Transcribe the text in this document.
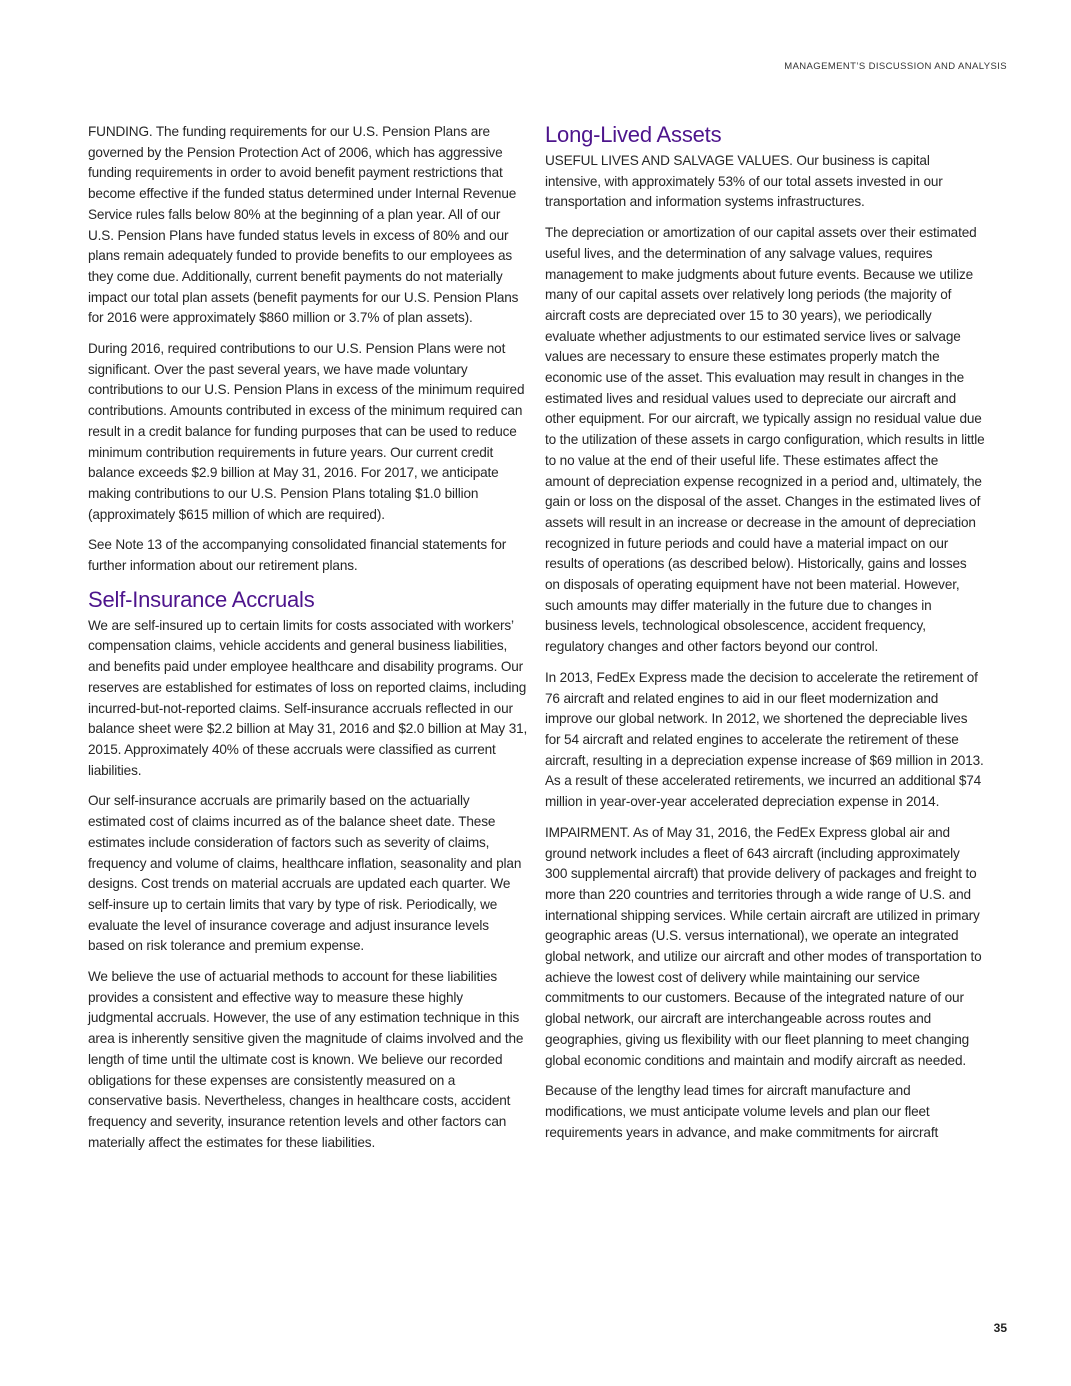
MANAGEMENT’S DISCUSSION AND ANALYSIS

FUNDING. The funding requirements for our U.S. Pension Plans are governed by the Pension Protection Act of 2006, which has aggressive funding requirements in order to avoid benefit payment restrictions that become effective if the funded status determined under Internal Revenue Service rules falls below 80% at the beginning of a plan year. All of our U.S. Pension Plans have funded status levels in excess of 80% and our plans remain adequately funded to provide benefits to our employees as they come due. Additionally, current benefit payments do not materially impact our total plan assets (benefit payments for our U.S. Pension Plans for 2016 were approximately $860 million or 3.7% of plan assets).

During 2016, required contributions to our U.S. Pension Plans were not significant. Over the past several years, we have made voluntary contributions to our U.S. Pension Plans in excess of the minimum required contributions. Amounts contributed in excess of the minimum required can result in a credit balance for funding purposes that can be used to reduce minimum contribution requirements in future years. Our current credit balance exceeds $2.9 billion at May 31, 2016. For 2017, we anticipate making contributions to our U.S. Pension Plans totaling $1.0 billion (approximately $615 million of which are required).

See Note 13 of the accompanying consolidated financial statements for further information about our retirement plans.

Self-Insurance Accruals

We are self-insured up to certain limits for costs associated with workers’ compensation claims, vehicle accidents and general business liabilities, and benefits paid under employee healthcare and disability programs. Our reserves are established for estimates of loss on reported claims, including incurred-but-not-reported claims. Self-insurance accruals reflected in our balance sheet were $2.2 billion at May 31, 2016 and $2.0 billion at May 31, 2015. Approximately 40% of these accruals were classified as current liabilities.

Our self-insurance accruals are primarily based on the actuarially estimated cost of claims incurred as of the balance sheet date. These estimates include consideration of factors such as severity of claims, frequency and volume of claims, healthcare inflation, seasonality and plan designs. Cost trends on material accruals are updated each quarter. We self-insure up to certain limits that vary by type of risk. Periodically, we evaluate the level of insurance coverage and adjust insurance levels based on risk tolerance and premium expense.

We believe the use of actuarial methods to account for these liabilities provides a consistent and effective way to measure these highly judgmental accruals. However, the use of any estimation technique in this area is inherently sensitive given the magnitude of claims involved and the length of time until the ultimate cost is known. We believe our recorded obligations for these expenses are consistently measured on a conservative basis. Nevertheless, changes in healthcare costs, accident frequency and severity, insurance retention levels and other factors can materially affect the estimates for these liabilities.

Long-Lived Assets

USEFUL LIVES AND SALVAGE VALUES. Our business is capital intensive, with approximately 53% of our total assets invested in our transportation and information systems infrastructures.

The depreciation or amortization of our capital assets over their estimated useful lives, and the determination of any salvage values, requires management to make judgments about future events. Because we utilize many of our capital assets over relatively long periods (the majority of aircraft costs are depreciated over 15 to 30 years), we periodically evaluate whether adjustments to our estimated service lives or salvage values are necessary to ensure these estimates properly match the economic use of the asset. This evaluation may result in changes in the estimated lives and residual values used to depreciate our aircraft and other equipment. For our aircraft, we typically assign no residual value due to the utilization of these assets in cargo configuration, which results in little to no value at the end of their useful life. These estimates affect the amount of depreciation expense recognized in a period and, ultimately, the gain or loss on the disposal of the asset. Changes in the estimated lives of assets will result in an increase or decrease in the amount of depreciation recognized in future periods and could have a material impact on our results of operations (as described below). Historically, gains and losses on disposals of operating equipment have not been material. However, such amounts may differ materially in the future due to changes in business levels, technological obsolescence, accident frequency, regulatory changes and other factors beyond our control.

In 2013, FedEx Express made the decision to accelerate the retirement of 76 aircraft and related engines to aid in our fleet modernization and improve our global network. In 2012, we shortened the depreciable lives for 54 aircraft and related engines to accelerate the retirement of these aircraft, resulting in a depreciation expense increase of $69 million in 2013. As a result of these accelerated retirements, we incurred an additional $74 million in year-over-year accelerated depreciation expense in 2014.

IMPAIRMENT. As of May 31, 2016, the FedEx Express global air and ground network includes a fleet of 643 aircraft (including approximately 300 supplemental aircraft) that provide delivery of packages and freight to more than 220 countries and territories through a wide range of U.S. and international shipping services. While certain aircraft are utilized in primary geographic areas (U.S. versus international), we operate an integrated global network, and utilize our aircraft and other modes of transportation to achieve the lowest cost of delivery while maintaining our service commitments to our customers. Because of the integrated nature of our global network, our aircraft are interchangeable across routes and geographies, giving us flexibility with our fleet planning to meet changing global economic conditions and maintain and modify aircraft as needed.

Because of the lengthy lead times for aircraft manufacture and modifications, we must anticipate volume levels and plan our fleet requirements years in advance, and make commitments for aircraft

35
